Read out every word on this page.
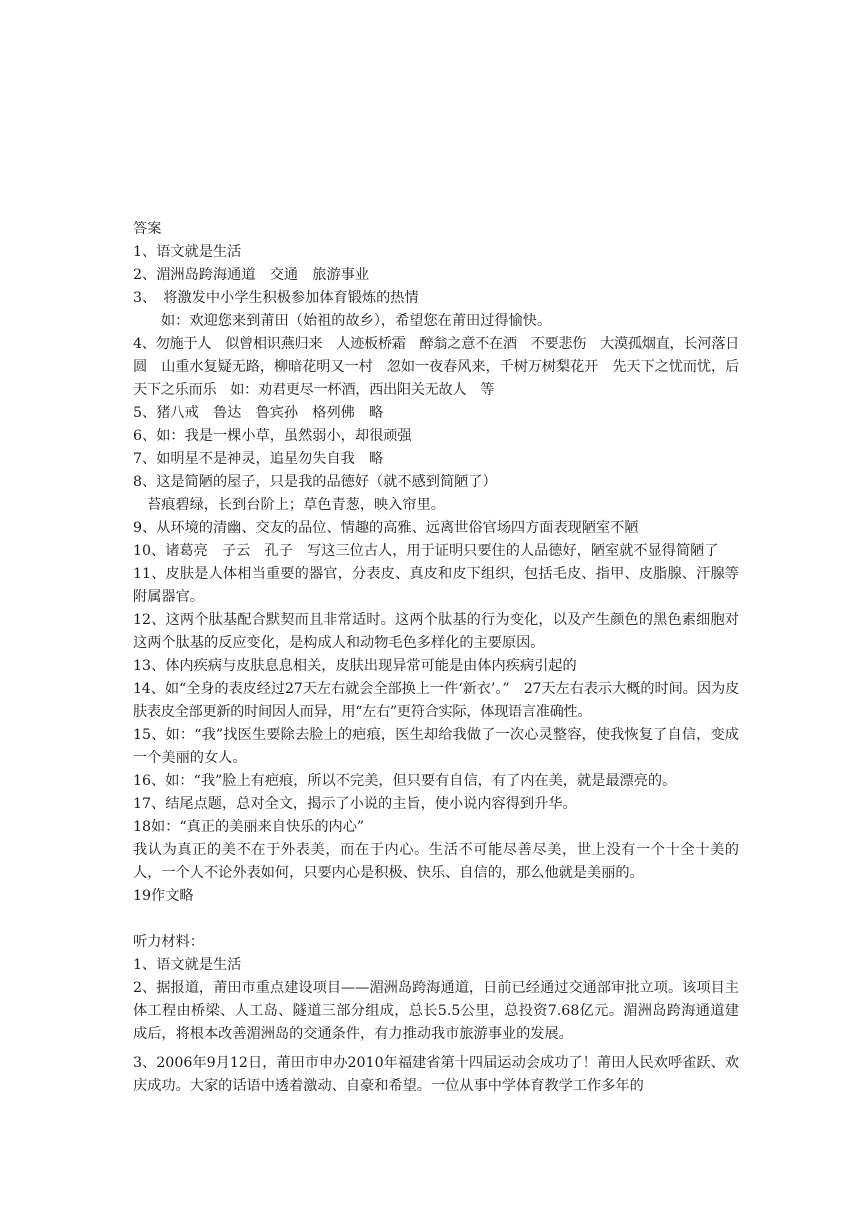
答案
1、语文就是生活
2、湄洲岛跨海通道　交通　旅游事业
3、　将激发中小学生积极参加体育锻炼的热情
如：欢迎您来到莆田（始祖的故乡），希望您在莆田过得愉快。
4、勿施于人　似曾相识燕归来　人迹板桥霜　醉翁之意不在酒　不要悲伤　大漠孤烟直，长河落日圆　山重水复疑无路，柳暗花明又一村　忽如一夜春风来，千树万树梨花开　先天下之忧而忧，后天下之乐而乐　如：劝君更尽一杯酒，西出阳关无故人　等
5、猪八戒　鲁达　鲁宾孙　格列佛　略
6、如：我是一棵小草，虽然弱小，却很顽强
7、如明星不是神灵，追星勿失自我　略
8、这是简陋的屋子，只是我的品德好（就不感到简陋了）
苔痕碧绿，长到台阶上；草色青葱，映入帘里。
9、从环境的清幽、交友的品位、情趣的高雅、远离世俗官场四方面表现陋室不陋
10、诸葛亮　子云　孔子　写这三位古人，用于证明只要住的人品德好，陋室就不显得简陋了
11、皮肤是人体相当重要的器官，分表皮、真皮和皮下组织，包括毛皮、指甲、皮脂腺、汗腺等附属器官。
12、这两个肽基配合默契而且非常适时。这两个肽基的行为变化，以及产生颜色的黑色素细胞对这两个肽基的反应变化，是构成人和动物毛色多样化的主要原因。
13、体内疾病与皮肤息息相关，皮肤出现异常可能是由体内疾病引起的
14、如“全身的表皮经过27天左右就会全部换上一件‘新衣’。”　27天左右表示大概的时间。因为皮肤表皮全部更新的时间因人而异，用“左右”更符合实际，体现语言准确性。
15、如：“我”找医生要除去脸上的疤痕，医生却给我做了一次心灵整容，使我恢复了自信，变成一个美丽的女人。
16、如：“我”脸上有疤痕，所以不完美，但只要有自信，有了内在美，就是最漂亮的。
17、结尾点题，总对全文，揭示了小说的主旨，使小说内容得到升华。
18如：“真正的美丽来自快乐的内心”
我认为真正的美不在于外表美，而在于内心。生活不可能尽善尽美，世上没有一个十全十美的人，一个人不论外表如何，只要内心是积极、快乐、自信的，那么他就是美丽的。
19作文略
听力材料：
1、语文就是生活
2、据报道，莆田市重点建设项目——湄洲岛跨海通道，日前已经通过交通部审批立项。该项目主体工程由桥梁、人工岛、隧道三部分组成，总长5.5公里，总投资7.68亿元。湄洲岛跨海通道建成后，将根本改善湄洲岛的交通条件，有力推动我市旅游事业的发展。
3、2006年9月12日，莆田市申办2010年福建省第十四届运动会成功了！莆田人民欢呼雀跃、欢庆成功。大家的话语中透着激动、自豪和希望。一位从事中学体育教学工作多年的
